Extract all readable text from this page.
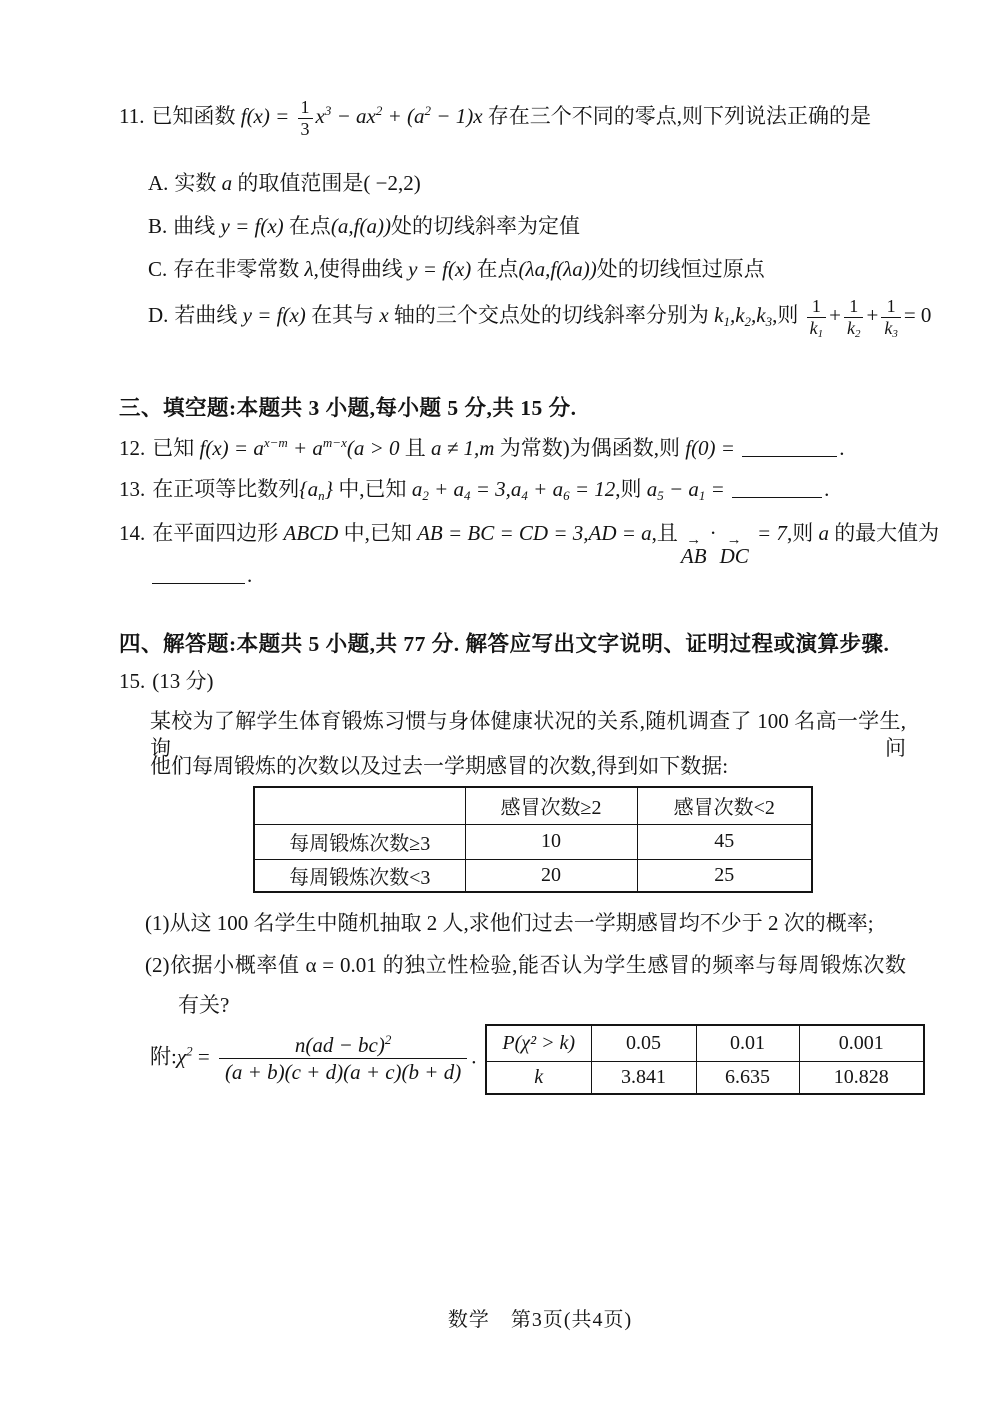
11. 已知函数 $f(x) = \frac{1}{3} x^3 - ax^2 + (a^2 - 1)x$ 存在三个不同的零点,则下列说法正确的是
A. 实数 a 的取值范围是( −2,2)
B. 曲线 y = f(x) 在点(a,f(a))处的切线斜率为定值
C. 存在非零常数 λ,使得曲线 y = f(x) 在点(λa,f(λa))处的切线恒过原点
D. 若曲线 y = f(x) 在其与 x 轴的三个交点处的切线斜率分别为 $k_1,k_2,k_3$,则 $\frac{1}{k1} + \frac{1}{k2} + \frac{1}{k3} = 0$
三、填空题:本题共 3 小题,每小题 5 分,共 15 分.
12. 已知 $f(x) = a^{x-m} + a^{m-x}(a > 0$ 且 a ≠ 1,m 为常数)为偶函数,则 f(0) =	.
13. 在正项等比数列$\{a_n\}$ 中,已知 $a_2 + a_4 = 3,a_4 + a_6 = 12$,则 $a_5 - a_1$ =	.
14. 在平面四边形 ABCD 中,已知 AB = BC = CD = 3,AD = a,且 →
AB
· →
DC
= 7,则 a 的最大值为
.
四、解答题:本题共 5 小题,共 77 分. 解答应写出文字说明、证明过程或演算步骤.
15. (13 分)
某校为了解学生体育锻炼习惯与身体健康状况的关系,随机调查了 100 名高一学生,询问
他们每周锻炼的次数以及过去一学期感冒的次数,得到如下数据:
	感冒次数≥2	感冒次数<2
每周锻炼次数≥3	10	45
每周锻炼次数<3	20	25
(1)从这 100 名学生中随机抽取 2 人,求他们过去一学期感冒均不少于 2 次的概率;
(2)依据小概率值 α = 0.01 的独立性检验,能否认为学生感冒的频率与每周锻炼次数
有关?
附$:\chi^2 = \frac{n(ad - bc)^2}{(a + b)(c + d)(a + c)(b + d)}$ .
P(χ² > k)	0.05	0.01	0.001
k	3.841	6.635	10.828
数学　第3页(共4页)
